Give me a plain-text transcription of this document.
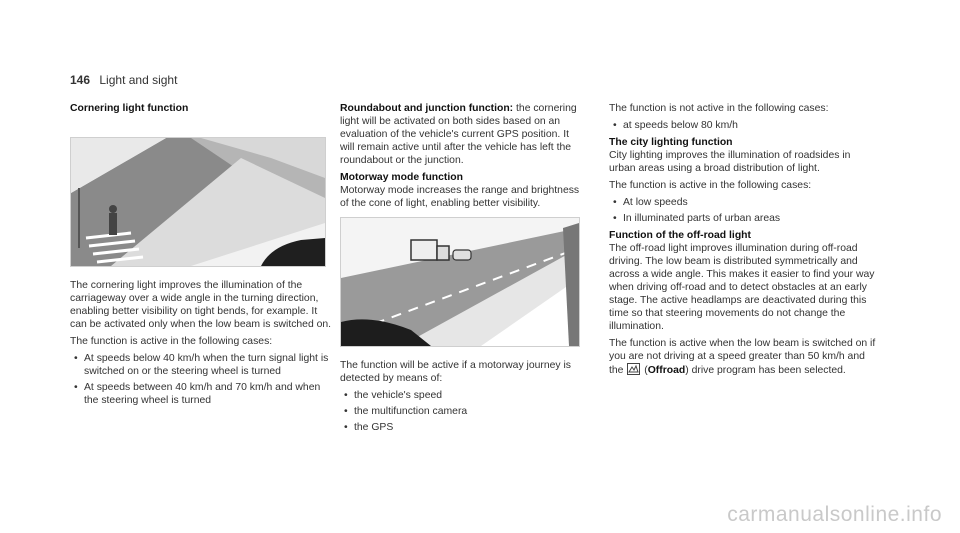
146 Light and sight
Cornering light function

The cornering light improves the illumination of the carriageway over a wide angle in the turning direction, enabling better visibility on tight bends, for example. It can be activated only when the low beam is switched on.

The function is active in the following cases:

• At speeds below 40 km/h when the turn signal light is switched on or the steering wheel is turned
• At speeds between 40 km/h and 70 km/h and when the steering wheel is turned

Roundabout and junction function: the cornering light will be activated on both sides based on an evaluation of the vehicle's current GPS position. It will remain active until after the vehicle has left the roundabout or the junction.

Motorway mode function

Motorway mode increases the range and brightness of the cone of light, enabling better visibility.

The function will be active if a motorway journey is detected by means of:

• the vehicle's speed
• the multifunction camera
• the GPS

The function is not active in the following cases:

• at speeds below 80 km/h
The city lighting function

City lighting improves the illumination of roadsides in urban areas using a broad distribution of light.

The function is active in the following cases:

• At low speeds
• In illuminated parts of urban areas
Function of the off-road light

The off-road light improves illumination during off-road driving. The low beam is distributed symmetrically and across a wide angle. This makes it easier to find your way when driving off-road and to detect obstacles at an early stage. The active headlamps are deactivated during this time so that steering movements do not change the illumination.

The function is active when the low beam is switched on if you are not driving at a speed greater than 50 km/h and the  (Offroad) drive program has been selected.

carmanualsonline.info
